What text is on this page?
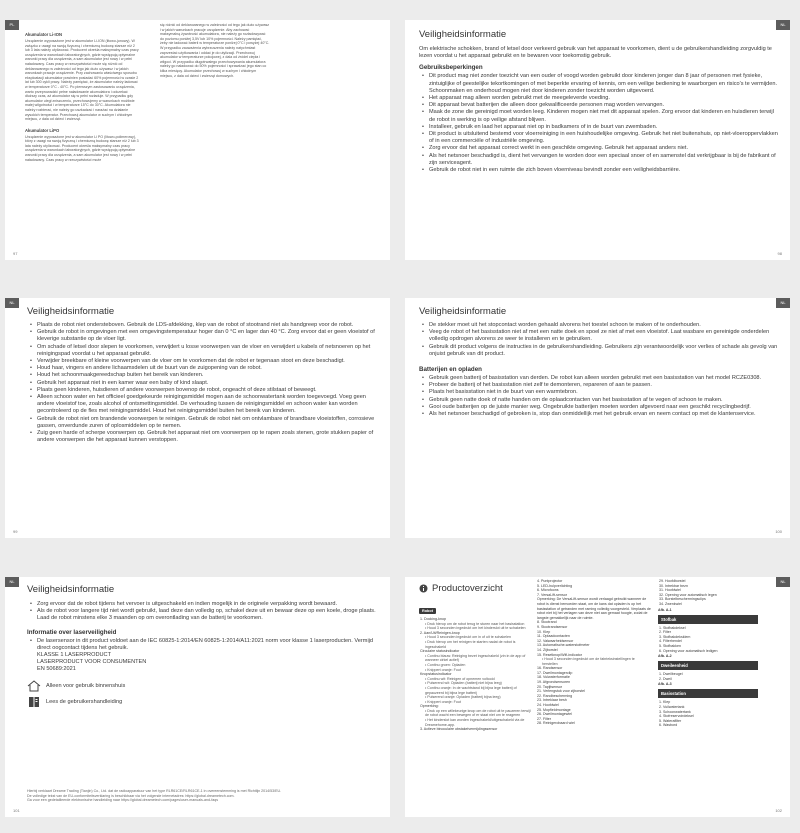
PL
Akumulator Li-ION

Urządzenie wyposażone jest w akumulator Li-ION (litowo-jonowy). W związku z uwagi na swoją fizyczną i chemiczną budowę starsze niż 2 lub 3 lata należy utylizować. Producent określa maksymalny czas pracy urządzenia w warunkach laboratoryjnych, gdzie występują optymalne warunki pracy dla urządzenia, a sam akumulator jest nowy i w pełni naładowany. Czas pracy w rzeczywistości może się różnić od deklarowanego w zależności od tego jak dużo używasz i w jakich warunkach pracuje urządzenie. Przy zachowaniu właściwego sposobu eksploatacji akumulator powinien posiadać 60% pojemności w czasie 2 lat lub 300 cykli pracy. Należy pamiętać, że akumulator należy ładować w temperaturze 0°C - 40°C. Po pierwszym zastosowaniu urządzenia, warto przeprowadzić pełne naładowanie akumulatora i odczekać dłuższy czas, aż akumulator się w pełni rozładuje. W przypadku gdy akumulator uległ zniszczeniu, przechowujemy w warunkach możliwie małej wilgotności i w temperaturze 15°C do 30°C. Akumulatora nie należy rozbierać, nie należy go uszkadzać i narażać na działanie wysokich temperatur. Przechowuj akumulator w suchym i chłodnym miejscu, z dala od dzieci i zwierząt.

Akumulator LiPO

Urządzenie wyposażone jest w akumulator Li PO (litowo-polimerowy), który z uwagi na swoją fizyczną i chemiczną budowę starsze niż 2 lub 3 lata należy utylizować. Producent określa maksymalny czas pracy urządzenia w warunkach laboratoryjnych, gdzie występują optymalne warunki pracy dla urządzenia, a sam akumulator jest nowy i w pełni naładowany. Czas pracy w rzeczywistości może

się różnić od deklarowanego w zależności od tego jak dużo używasz i w jakich warunkach pracuje urządzenie. Aby zachować maksymalną żywotność akumulatora, nie należy go rozładowywać do poziomu poniżej 3,5V lub 10% pojemności. Należy pamiętać, żeby nie ładować baterii w temperaturze poniżej 0°C i powyżej 40°C. W przypadku zauważenia wybrzuszenia należy natychmiast zaprzestać użytkowania i oddać je do utylizacji. Przechowuj akumulator w temperaturze pokojowej, z dala od źródeł ciepła i wilgoci. W przypadku długotrwałego przechowywania akumulatora należy go naładować do 50% pojemności i sprawdzać jego stan co kilka miesięcy. Akumulator przechowuj w suchym i chłodnym miejscu, z dala od dzieci i zwierząt domowych.

97
NL
Veiligheidsinformatie

Om elektrische schokken, brand of letsel door verkeerd gebruik van het apparaat te voorkomen, dient u de gebruikershandleiding zorgvuldig te lezen voordat u het apparaat gebruikt en te bewaren voor toekomstig gebruik.

Gebruiksbeperkingen
• Dit product mag niet zonder toezicht van een ouder of voogd worden gebruikt door kinderen jonger dan 8 jaar of personen met fysieke, zintuiglijke of geestelijke tekortkomingen of met beperkte ervaring of kennis, om een veilige bediening te waarborgen en risico's te vermijden. Schoonmaken en onderhoud mogen niet door kinderen zonder toezicht worden uitgevoerd.
• Het apparaat mag alleen worden gebruikt met de meegeleverde voeding.
• Dit apparaat bevat batterijen die alleen door gekwalificeerde personen mag worden vervangen.
• Maak de zone die gereinigd moet worden leeg. Kinderen mogen niet met dit apparaat spelen. Zorg ervoor dat kinderen en huisdieren terwijl de robot in werking is op veilige afstand blijven.
• Installeer, gebruik en laad het apparaat niet op in badkamers of in de buurt van zwembaden.
• Dit product is uitsluitend bestemd voor vloerreiniging in een huishoudelijke omgeving. Gebruik het niet buitenshuis, op niet-vloeroppervlakken of in een commerciële of industriële omgeving.
• Zorg ervoor dat het apparaat correct werkt in een geschikte omgeving. Gebruik het apparaat anders niet.
• Als het netsnoer beschadigd is, dient het vervangen te worden door een speciaal snoer of en samenstel dat verkrijgbaar is bij de fabrikant of zijn serviceagent.
• Gebruik de robot niet in een ruimte die zich boven vloerniveau bevindt zonder een veiligheidsbarrière.
98
NL
Veiligheidsinformatie
• Plaats de robot niet ondersteboven. Gebruik de LDS-afdekking, klep van de robot of stootrand niet als handgreep voor de robot.
• Gebruik de robot in omgevingen met een omgevingstemperatuur hoger dan 0 °C en lager dan 40 °C. Zorg ervoor dat er geen vloeistof of kleverige substantie op de vloer ligt.
• Om schade of letsel door slepen te voorkomen, verwijdert u losse voorwerpen van de vloer en verwijdert u kabels of netsnoeren op het reinigingspad voordat u het apparaat gebruikt.
• Verwijder breekbare of kleine voorwerpen van de vloer om te voorkomen dat de robot er tegenaan stoot en deze beschadigt.
• Houd haar, vingers en andere lichaamsdelen uit de buurt van de zuigopening van de robot.
• Houd het schoonmaakgereedschap buiten het bereik van kinderen.
• Gebruik het apparaat niet in een kamer waar een baby of kind slaapt.
• Plaats geen kinderen, huisdieren of andere voorwerpen bovenop de robot, ongeacht of deze stilstaat of beweegt.
• Alleen schoon water en het officieel goedgekeurde reinigingsmiddel mogen aan de schoonwatertank worden toegevoegd. Voeg geen andere vloeistof toe, zoals alcohol of ontsmettingsmiddel. De verhouding tussen de reinigingsmiddel en schoon water kan worden gecontroleerd op de fles met reinigingsmiddel. Houd het reinigingsmiddel buiten het bereik van kinderen.
• Gebruik de robot niet om brandende voorwerpen te reinigen. Gebruik de robot niet om ontvlambare of brandbare vloeistoffen, corrosieve gassen, onverdunde zuren of oplosmiddelen op te nemen.
• Zuig geen harde of scherpe voorwerpen op. Gebruik het apparaat niet om voorwerpen op te rapen zoals stenen, grote stukken papier of andere voorwerpen die het apparaat kunnen verstoppen.
99
NL
Veiligheidsinformatie
• De stekker moet uit het stopcontact worden gehaald alvorens het toestel schoon te maken of te onderhouden.
• Veeg de robot of het basisstation niet af met een natte doek en spoel ze niet af met een vloeistof. Laat wasbare en gereinigde onderdelen volledig opdrogen alvorens ze weer te installeren en te gebruiken.
• Gebruik dit product volgens de instructies in de gebruikershandleiding. Gebruikers zijn verantwoordelijk voor verlies of schade als gevolg van onjuist gebruik van dit product.
Batterijen en opladen
• Gebruik geen batterij of basisstation van derden. De robot kan alleen worden gebruikt met een basisstation van het model RCZE0308.
• Probeer de batterij of het basisstation niet zelf te demonteren, repareren of aan te passen.
• Plaats het basisstation niet in de buurt van een warmtebron.
• Gebruik geen natte doek of natte handen om de oplaadcontacten van het basisstation af te vegen of schoon te maken.
• Gooi oude batterijen op de juiste manier weg. Ongebruikte batterijen moeten worden afgevoerd naar een geschikt recyclingbedrijf.
• Als het netsnoer beschadigd of gebroken is, stop dan onmiddellijk met het gebruik ervan en neem contact op met de klantenservice.
100
NL
Veiligheidsinformatie
• Zorg ervoor dat de robot tijdens het vervoer is uitgeschakeld en indien mogelijk in de originele verpakking wordt bewaard.
• Als de robot voor langere tijd niet wordt gebruikt, laad deze dan volledig op, schakel deze uit en bewaar deze op een koele, droge plaats. Laad de robot minstens elke 3 maanden op om overontlading van de batterij te voorkomen.
Informatie over laserveiligheid
• De lasersensor in dit product voldoet aan de IEC 60825-1:2014/EN 60825-1:2014/A11:2021 norm voor klasse 1 laserproducten. Vermijd direct oogcontact tijdens het gebruik.

KLASSE 1 LASERPRODUCT

LASERPRODUCT VOOR CONSUMENTEN

EN 50689:2021

Alleen voor gebruik binnenshuis
Lees de gebruikershandleiding

Hierbij verklaart Dreame Trading (Tianjin) Co., Ltd. dat de radioapparatuur van het type RLR61CE/RLR61CE-1 in overeenstemming is met Richtlijn 2014/53/EU.

De volledige tekst van de EU-conformiteitsverklaring is beschikbaar via het volgende internetadres: https://global.dreametech.com.

Ga voor een gedetailleerde elektronische handleiding naar https://global.dreametech.com/pages/user-manuals-and-faqs

101
NL
Productoverzicht
Robot
1. Docking-knop
• Druk hierop om de robot terug te sturen naar het basisstation
• Houd 3 seconden ingedrukt om het kinderslot uit te schakelen
2. Aan/Uit/Reinigen-knop
• Houd 3 seconden ingedrukt om in of uit te schakelen
• Druk hierop om het reinigen te starten nadat de robot is ingeschakeld
Circulaire statusindicator
• Continu blauw: Reiniging bezet ingeschakeld (zin in de app of wanneer cirkel actief)
• Continu groen: Opladen
• Knippert oranje: Fout
Knopstatusindicator
• Continu wit: Reinigen of opnemen voltooid
• Pulserend wit: Opladen (batterij niet bijna leeg)
• Continu oranje: In de wachtstand bij bijna lege batterij of gepauzeerd bij bijna lege batterij
• Pulserend oranje: Opladen (batterij bijna leeg)
• Knippert oranje: Fout
Opmerking:
• Druk op een willekeurige knop om de robot uit te pauzeren terwijl de robot wacht een bewegen of er staat niet om te reageren
• Het kinderslot kan worden ingeschakeld/uitgeschakeld via de Dreamehome-app.
3. Actieve binoculaire obstakelvermijdingssensor
4. Puntprojector
5. LED-hulpverlichting
6. Microfoons
7. VersaLift-sensor
Opmerking: De VersaLift-sensor wordt verlaagd gebruikt wanneer de robot is dienst bemoeden staat, om de kans dat opladen is op het basisstation of getranden met raming volledig voorgesteld. Verplaats de robot niet bij het verlagen van deze niet aan gemaat hoogte, zodat de langste gemakkelijk naar de ruimte.
8. Stootrand
9. Stootrandsensor
10. Klep
11. Oplaadcontacten
12. Valwaarheidsensor
13. Automatische-waterstofmeter
14. Zijborstel
15. Resetknop/Wifi-indicator
• Houd 3 seconden ingedrukt om de fabrieksinstellingen te herstellen
16. Randsensor
17. Dweilmontagerclip
18. Vulwaterformatie
19. Afgrondsensoren
20. Tapijtsensor
21. Verlengstuk voor zijborstel
22. Randbescherming
23. Intreklaar besh
24. Hoofdwiel
25. Mopfieldmontage
26. Dweilmontagewiel
27. Filter
28. Reinigerobaard wiel
29. Hoofdborstel
30. Intrekbar bezn
31. Hoofdwiel
32. Opening voor automatisch legen
33. Borstelbeschermingsclips
34. Zwenkwiel
Afb. A-1
Stofbak
1. Stofbakdeksel
2. Filter
3. Stofbakdeksklem
4. Filterhendel
5. Stofbakken
6. Opening voor automatisch ledigen
Afb. A-2
Dweileenheid
1. Dweilbeugel
2. Dweil
Afb. A-3
Basisstation
1. Klep
2. Vuilwatertank
3. Schoonwatertank
4. Stofreservoirdeksel
5. Waterafilter
6. Wasbord
102
